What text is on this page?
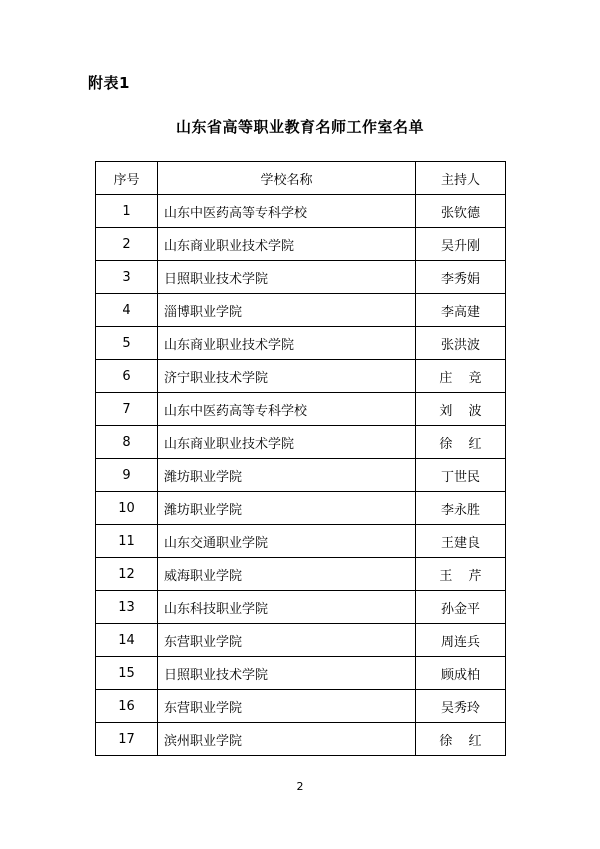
附表1
山东省高等职业教育名师工作室名单
序号	学校名称	主持人
1	山东中医药高等专科学校	张钦德
2	山东商业职业技术学院	吴升刚
3	日照职业技术学院	李秀娟
4	淄博职业学院	李高建
5	山东商业职业技术学院	张洪波
6	济宁职业技术学院	庄 竞
7	山东中医药高等专科学校	刘 波
8	山东商业职业技术学院	徐 红
9	潍坊职业学院	丁世民
10	潍坊职业学院	李永胜
11	山东交通职业学院	王建良
12	威海职业学院	王 芹
13	山东科技职业学院	孙金平
14	东营职业学院	周连兵
15	日照职业技术学院	顾成柏
16	东营职业学院	吴秀玲
17	滨州职业学院	徐 红
2
